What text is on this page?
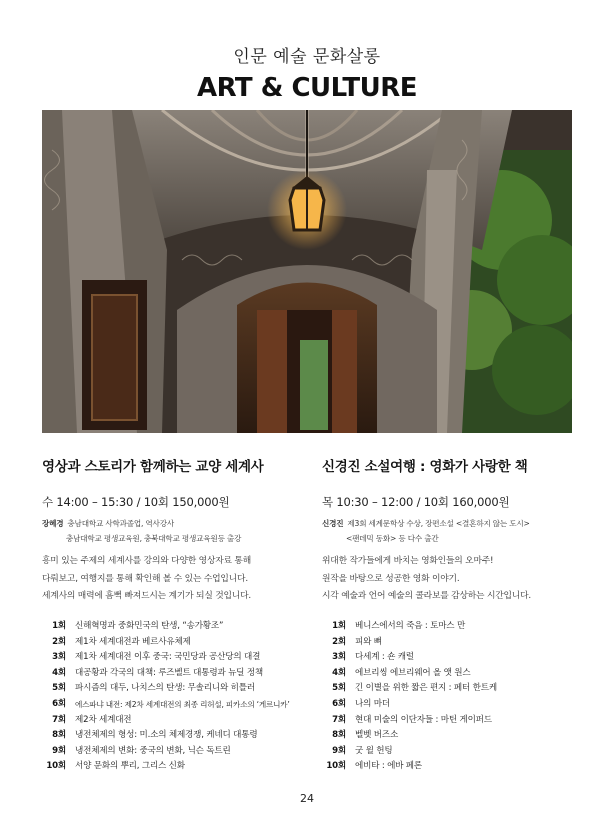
인문 예술 문화살롱
ART & CULTURE
영상과 스토리가 함께하는 교양 세계사
수 14:00 – 15:30 / 10회 150,000원
장혜경 충남대학교 사학과졸업, 역사강사
충남대학교 평생교육원, 충북대학교 평생교육원등 출강
흥미 있는 주제의 세계사를 강의와 다양한 영상자료 통해
다뤄보고, 여행지를 통해 확인해 볼 수 있는 수업입니다.
세계사의 매력에 흠뻑 빠져드시는 계기가 되실 것입니다.
1회 신해혁명과 중화민국의 탄생, “송가황조”
2회 제1차 세계대전과 베르사유체제
3회 제1차 세계대전 이후 중국: 국민당과 공산당의 대결
4회 대공황과 각국의 대책: 루즈벨트 대통령과 뉴딜 정책
5회 파시즘의 대두, 나치스의 탄생: 무솔리니와 히틀러
6회 에스파냐 내전: 제2차 세계대전의 최종 리허설, 피카소의 ‘게르니카’
7회 제2차 세계대전
8회 냉전체제의 형성: 미.소의 체제경쟁, 케네디 대통령
9회 냉전체제의 변화: 중국의 변화, 닉슨 독트린
10회 서양 문화의 뿌리, 그리스 신화
신경진 소설여행 : 영화가 사랑한 책
목 10:30 – 12:00 / 10회 160,000원
신경진 제3회 세계문학상 수상, 장편소설 <결혼하지 않는 도시>
<팬데믹 동화> 등 다수 출간
위대한 작가들에게 바치는 영화인들의 오마주!
원작을 바탕으로 성공한 영화 이야기.
시각 예술과 언어 예술의 콜라보를 감상하는 시간입니다.
1회 베니스에서의 죽음 : 토마스 만
2회 피와 뼈
3회 다세계 : 숀 캐럴
4회 에브리씽 에브리웨어 올 앳 원스
5회 긴 이별을 위한 짧은 편지 : 페터 한트케
6회 나의 마더
7회 현대 미술의 이단자들 : 마틴 게이퍼드
8회 벨벳 버즈소
9회 굿 윌 헌팅
10회 에비타 : 에바 페론
24
